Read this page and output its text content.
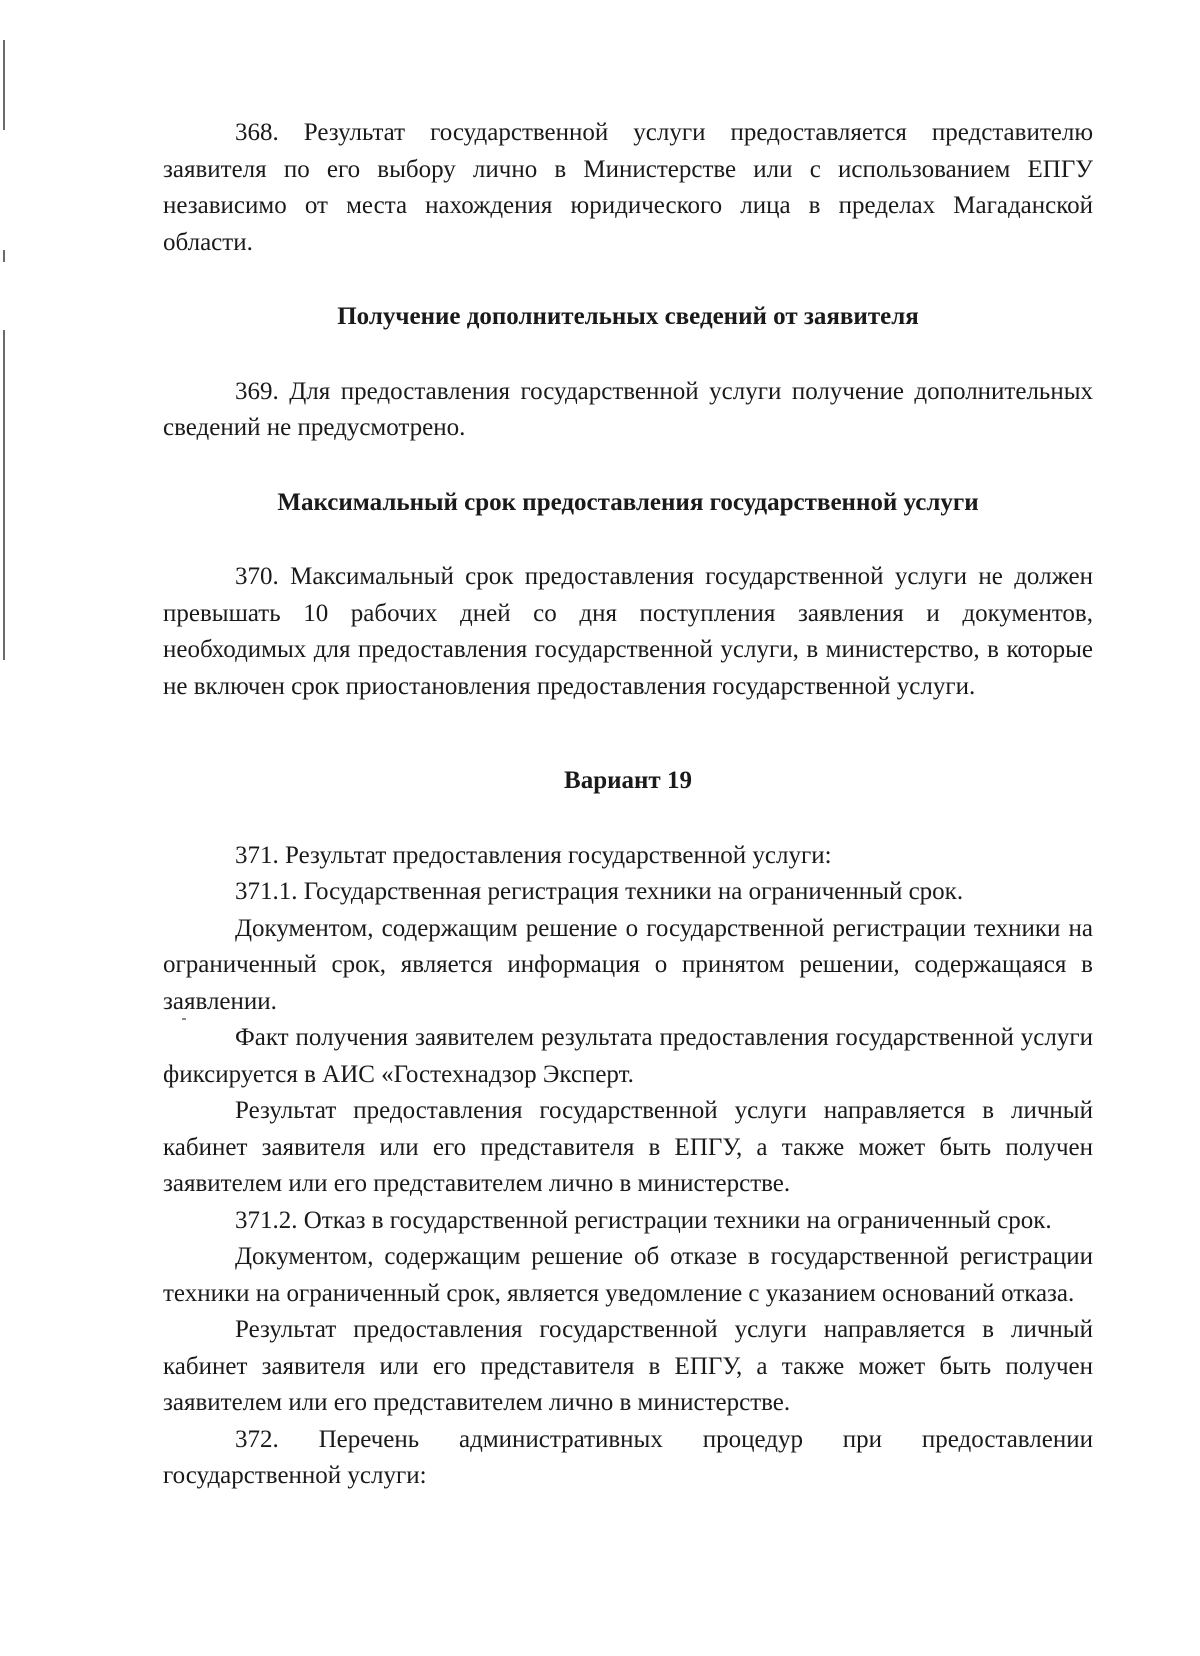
368. Результат государственной услуги предоставляется представителю заявителя по его выбору лично в Министерстве или с использованием ЕПГУ независимо от места нахождения юридического лица в пределах Магаданской области.

Получение дополнительных сведений от заявителя

369. Для предоставления государственной услуги получение дополнительных сведений не предусмотрено.

Максимальный срок предоставления государственной услуги

370. Максимальный срок предоставления государственной услуги не должен превышать 10 рабочих дней со дня поступления заявления и документов, необходимых для предоставления государственной услуги, в министерство, в которые не включен срок приостановления предоставления государственной услуги.

Вариант 19

371. Результат предоставления государственной услуги:

371.1. Государственная регистрация техники на ограниченный срок.

Документом, содержащим решение о государственной регистрации техники на ограниченный срок, является информация о принятом решении, содержащаяся в заявлении.

Факт получения заявителем результата предоставления государственной услуги фиксируется в АИС «Гостехнадзор Эксперт.

Результат предоставления государственной услуги направляется в личный кабинет заявителя или его представителя в ЕПГУ, а также может быть получен заявителем или его представителем лично в министерстве.

371.2. Отказ в государственной регистрации техники на ограниченный срок.

Документом, содержащим решение об отказе в государственной регистрации техники на ограниченный срок, является уведомление с указанием оснований отказа.

Результат предоставления государственной услуги направляется в личный кабинет заявителя или его представителя в ЕПГУ, а также может быть получен заявителем или его представителем лично в министерстве.

372. Перечень административных процедур при предоставлении государственной услуги:
